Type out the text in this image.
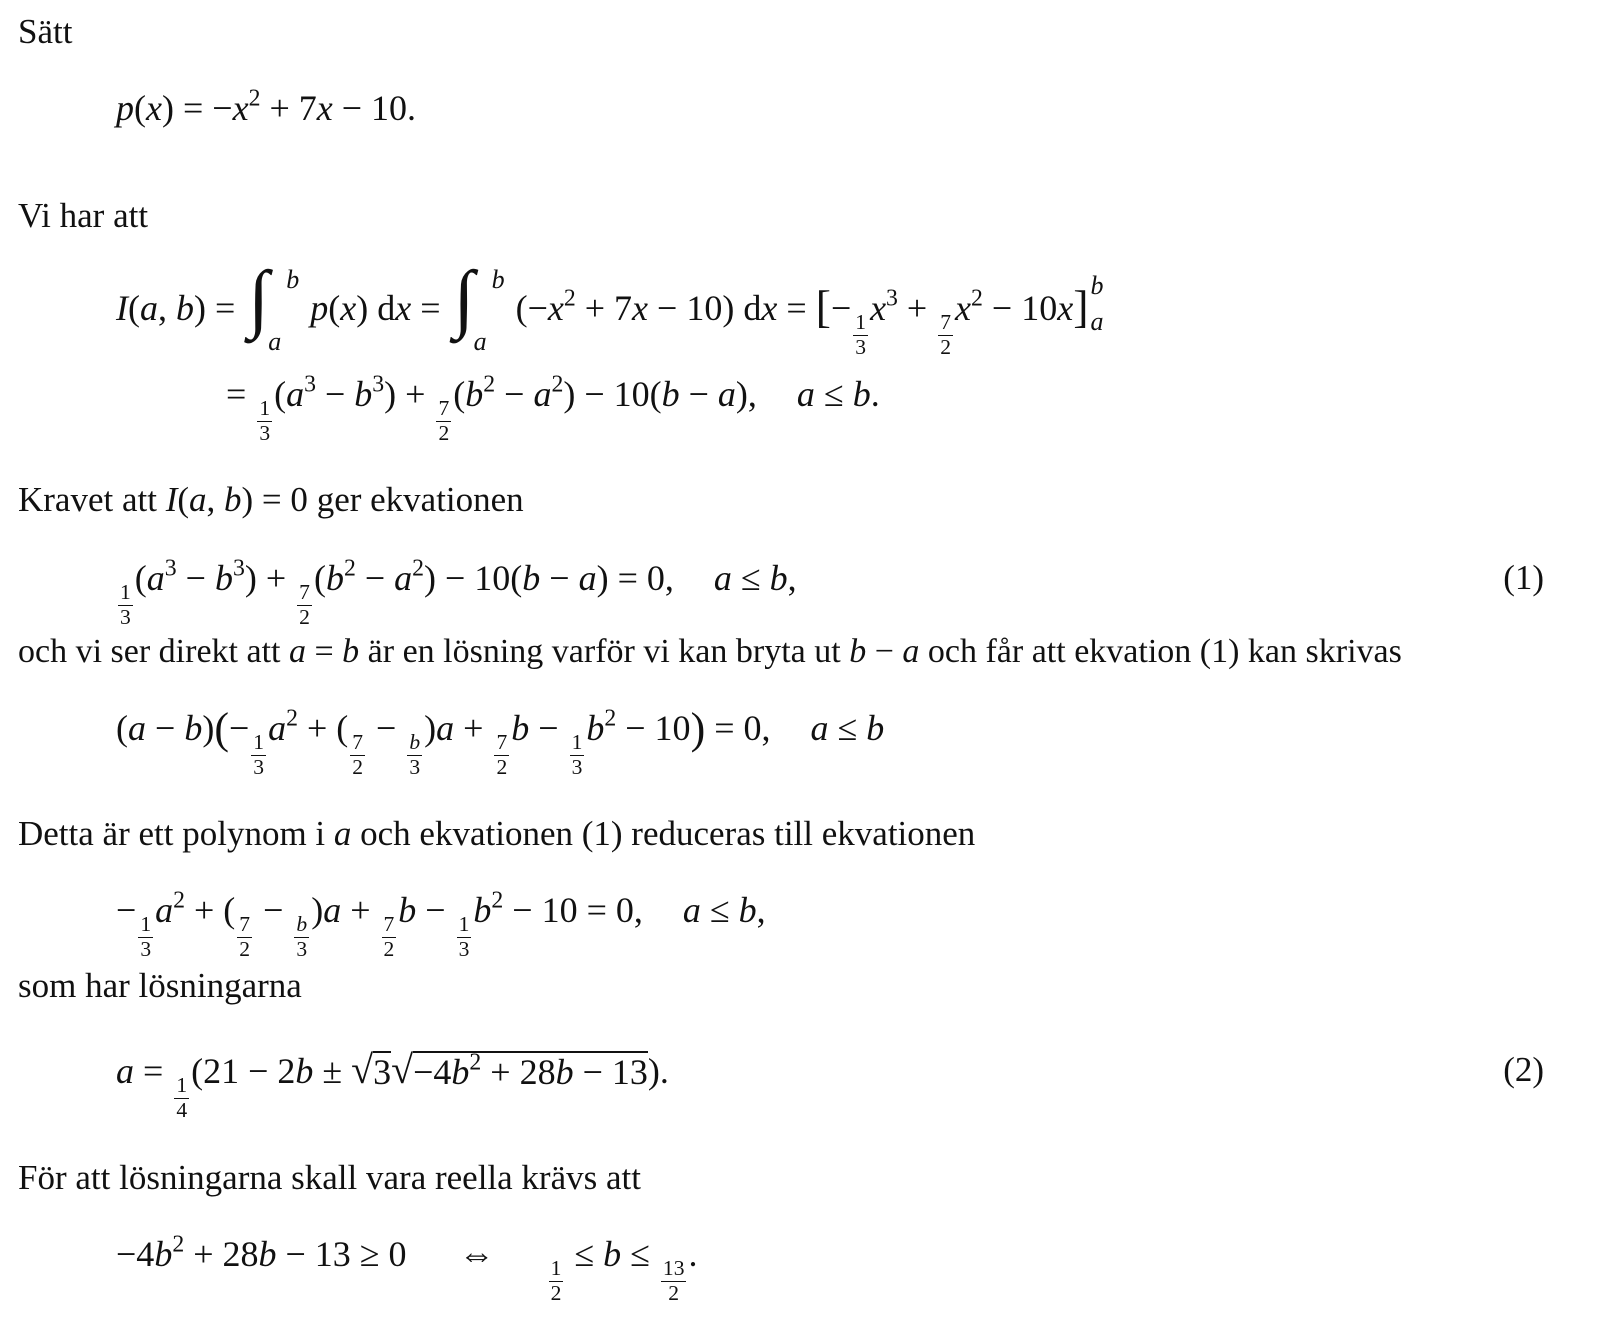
Sätt
$p(x) = -x^2 + 7x - 10$.
Vi har att
I(a, b) = ∫ b
a
p(x) dx = ∫ b
a
$(-x^2 + 7x - 10)$ dx = [−
$\frac{1}{3}$
$x^3$ +
$\frac{7}{2}$
$x^2 - 10x$] b
a
=
$\frac{1}{3}$
$(a^3 - b^3)$ +
$\frac{7}{2}$
$(b^2 - a^2) - 10(b - a)$, a ≤ b.
Kravet att I(a, b) = 0 ger ekvationen
$\frac{1}{3}$
$(a^3 - b^3)$ +
$\frac{7}{2}$
$(b^2 - a^2) - 10(b - a) = 0$, a ≤ b,	(1)
och vi ser direkt att a = b är en lösning varför vi kan bryta ut b − a och får att ekvation (1) kan skrivas
(a − b)(−
$\frac{1}{3}$
$a^2$ + (
$\frac{7}{2}$
−
$\frac{b}{3}$
)a +
$\frac{7}{2}$
b −
$\frac{1}{3}$
$b^2 - 10) = 0$, a ≤ b
Detta är ett polynom i a och ekvationen (1) reduceras till ekvationen
−
$\frac{1}{3}$
$a^2$ + (
$\frac{7}{2}$
−
$\frac{b}{3}$
)a +
$\frac{7}{2}$
b −
$\frac{1}{3}$
$b^2 - 10 = 0$, a ≤ b,
som har lösningarna
a =
$\frac{1}{4}$
(21 − 2b ± √ 3 √ $-4b^2 + 28b - 13$ ).	(2)
För att lösningarna skall vara reella krävs att
$-4b^2 + 28b - 13 \ge 0$ ⇔
$\frac{1}{2}$
≤ b ≤
$\frac{13}{2}$
.
